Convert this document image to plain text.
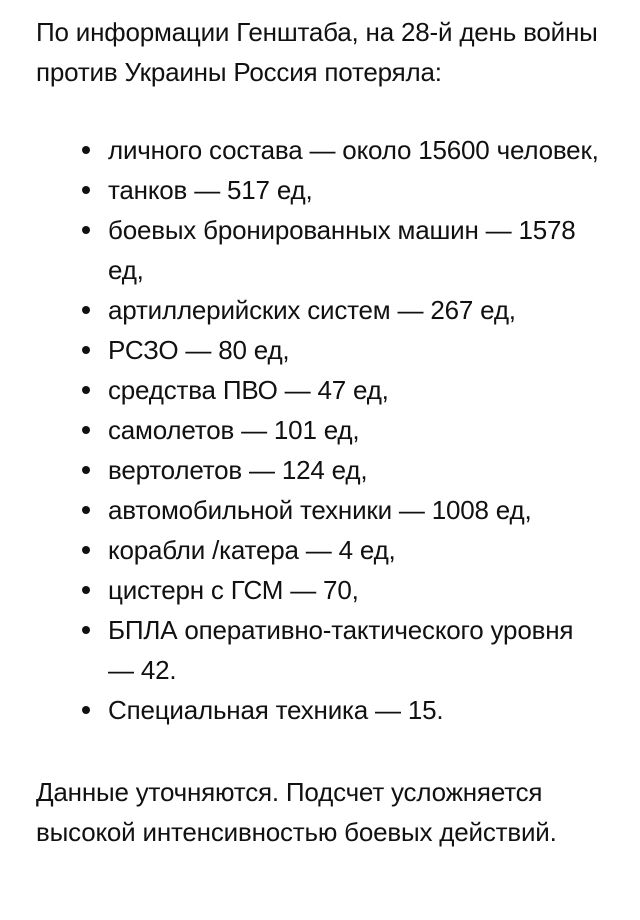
По информации Генштаба, на 28-й день войны против Украины Россия потеряла:

личного состава — около 15600 человек,
танков — 517 ед,
боевых бронированных машин — 1578 ед,
артиллерийских систем — 267 ед,
РСЗО — 80 ед,
средства ПВО — 47 ед,
самолетов — 101 ед,
вертолетов — 124 ед,
автомобильной техники — 1008 ед,
корабли /катера — 4 ед,
цистерн с ГСМ — 70,
БПЛА оперативно-тактического уровня — 42.
Специальная техника — 15.

Данные уточняются. Подсчет усложняется высокой интенсивностью боевых действий.
